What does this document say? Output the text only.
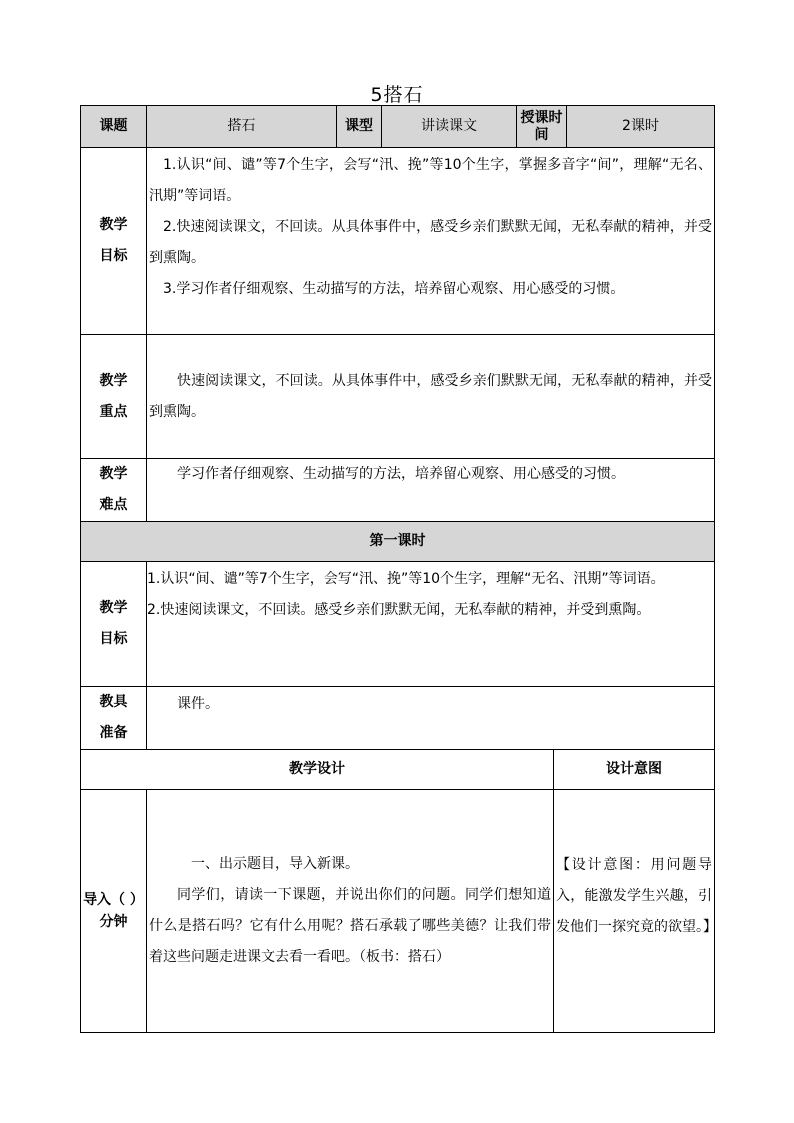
5搭石
课题	搭石	课型	讲读课文	授课时间		2课时

教学目标	1.认识“间、谴”等7个生字，会写“汛、挽”等10个生字，掌握多音字“间”，理解“无名、汛期”等词语。

2.快速阅读课文，不回读。从具体事件中，感受乡亲们默默无闻，无私奉献的精神，并受到熏陶。

3.学习作者仔细观察、生动描写的方法，培养留心观察、用心感受的习惯。					

教学重点	快速阅读课文，不回读。从具体事件中，感受乡亲们默默无闻，无私奉献的精神，并受到熏陶。					

教学难点	学习作者仔细观察、生动描写的方法，培养留心观察、用心感受的习惯。					

第一课时						

教学目标	1.认识“间、谴”等7个生字，会写“汛、挽”等10个生字，理解“无名、汛期”等词语。

2.快速阅读课文，不回读。感受乡亲们默默无闻，无私奉献的精神，并受到熏陶。					

教具准备	课件。					

教学设计					设计意图	

导入（ ）分钟	一、出示题目，导入新课。

同学们，请读一下课题，并说出你们的问题。同学们想知道什么是搭石吗？它有什么用呢？搭石承载了哪些美德？让我们带着这些问题走进课文去看一看吧。（板书：搭石）				【设计意图：用问题导入，能激发学生兴趣，引发他们一探究竟的欲望。】	
